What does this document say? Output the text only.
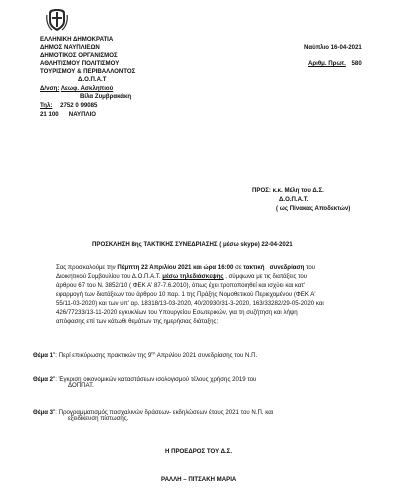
ΕΛΛΗΝΙΚΗ ΔΗΜΟΚΡΑΤΙΑ
ΔΗΜΟΣ ΝΑΥΠΛΙΕΩΝ
ΔΗΜΟΤΙΚΟΣ ΟΡΓΑΝΙΣΜΟΣ
ΑΘΛΗΤΙΣΜΟΥ ΠΟΛΙΤΙΣΜΟΥ
ΤΟΥΡΙΣΜΟΥ & ΠΕΡΙΒΑΛΛΟΝΤΟΣ
Δ.Ο.Π.Α.Τ
Δ/νση: Λεωφ. Ασκληπιού
Βίλα Ζυμβρακάκη
Τηλ: 2752 0 99085
21 100      ΝΑΥΠΛΙΟ
Ναύπλιο 16-04-2021
Αριθμ. Πρωτ. 580
ΠΡΟΣ: κ.κ. Μέλη του Δ.Σ.
Δ.Ο.Π.Α.Τ.
( ως Πίνακας Αποδεκτών)
ΠΡΟΣΚΛΗΣΗ 8ης ΤΑΚΤΙΚΗΣ ΣΥΝΕΔΡΙΑΣΗΣ ( μέσω skype) 22-04-2021
Σας προσκαλούμε την Πέμπτη 22 Απριλίου 2021 και ώρα 16:00 σε τακτική συνεδρίαση του
Διοικητικού Συμβουλίου του Δ.Ο.Π.Α.Τ. μέσω τηλεδιάσκεψης , σύμφωνα με τις διατάξεις του
άρθρου 67 του Ν. 3852/10 ( ΦΕΚ Α' 87-7.6.2010), όπως έχει τροποποιηθεί και ισχύει και κατ'
εφαρμογή των διατάξεων του άρθρου 10 παρ. 1 της Πράξης Νομοθετικού Περιεχομένου (ΦΕΚ Α'
55/11-03-2020) και των υπ' αρ. 18318/13-03-2020, 40/20930/31-3-2020, 163/33282/29-05-2020 και
426/77233/13-11-2020 εγκυκλίων του Υπουργείου Εσωτερικών, για τη συζήτηση και λήψη
απόφασης επί των κάτωθι θεμάτων της ημερήσιας διάταξης:
Θέμα $1^o$: Περί επικύρωσης πρακτικών της $9^{\eta\varsigma}$ Απριλίου 2021 συνεδρίασης του Ν.Π.
Θέμα $2^o$: Έγκριση οικονομικών καταστάσεων ισολογισμού τέλους χρήσης 2019 του
ΔΟΠΠΑΤ.
Θέμα $3^o$: Προγραμματισμός πασχαλινών δράσεων- εκδηλώσεων έτους 2021 του Ν.Π. και
εξειδίκευση πίστωσης.
Η ΠΡΟΕΔΡΟΣ ΤΟΥ Δ.Σ.
ΡΑΛΛΗ – ΠΙΤΣΑΚΗ ΜΑΡΙΑ
